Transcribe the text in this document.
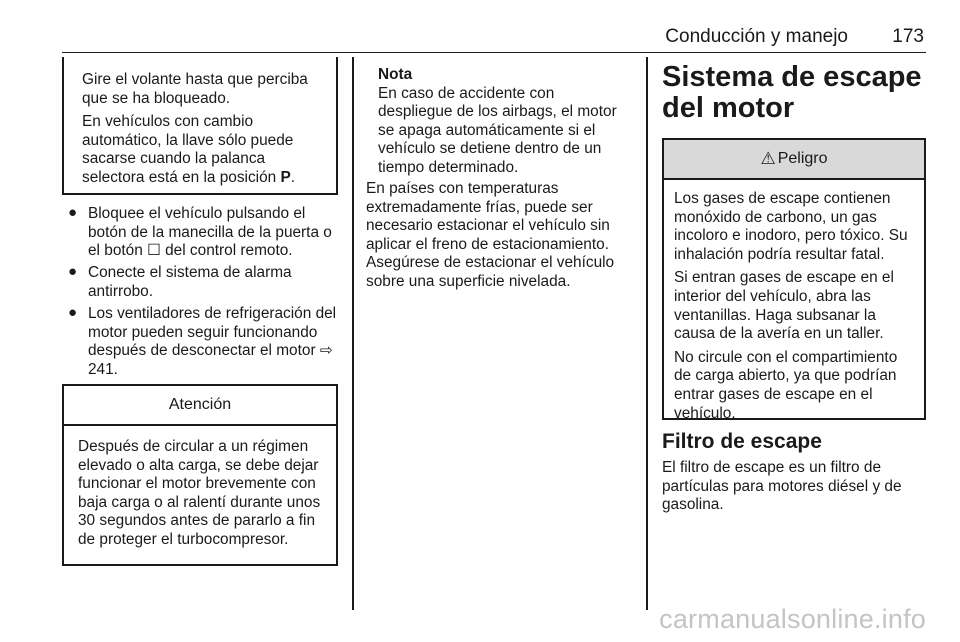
Conducción y manejo 173

Gire el volante hasta que perciba que se ha bloqueado.

En vehículos con cambio automático, la llave sólo puede sacarse cuando la palanca selectora está en la posición P.

● Bloquee el vehículo pulsando el botón de la manecilla de la puerta o el botón ☐ del control remoto.

● Conecte el sistema de alarma antirrobo.

● Los ventiladores de refrigeración del motor pueden seguir funcionando después de desconectar el motor ⇨ 241.

Atención

Después de circular a un régimen elevado o alta carga, se debe dejar funcionar el motor brevemente con baja carga o al ralentí durante unos 30 segundos antes de pararlo a fin de proteger el turbocompresor.

Nota

En caso de accidente con despliegue de los airbags, el motor se apaga automáticamente si el vehículo se detiene dentro de un tiempo determinado.

En países con temperaturas extremadamente frías, puede ser necesario estacionar el vehículo sin aplicar el freno de estacionamiento. Asegúrese de estacionar el vehículo sobre una superficie nivelada.

Sistema de escape del motor
⚠ Peligro

Los gases de escape contienen monóxido de carbono, un gas incoloro e inodoro, pero tóxico. Su inhalación podría resultar fatal.

Si entran gases de escape en el interior del vehículo, abra las ventanillas. Haga subsanar la causa de la avería en un taller.

No circule con el compartimiento de carga abierto, ya que podrían entrar gases de escape en el vehículo.

Filtro de escape

El filtro de escape es un filtro de partículas para motores diésel y de gasolina.

carmanualsonline.info
